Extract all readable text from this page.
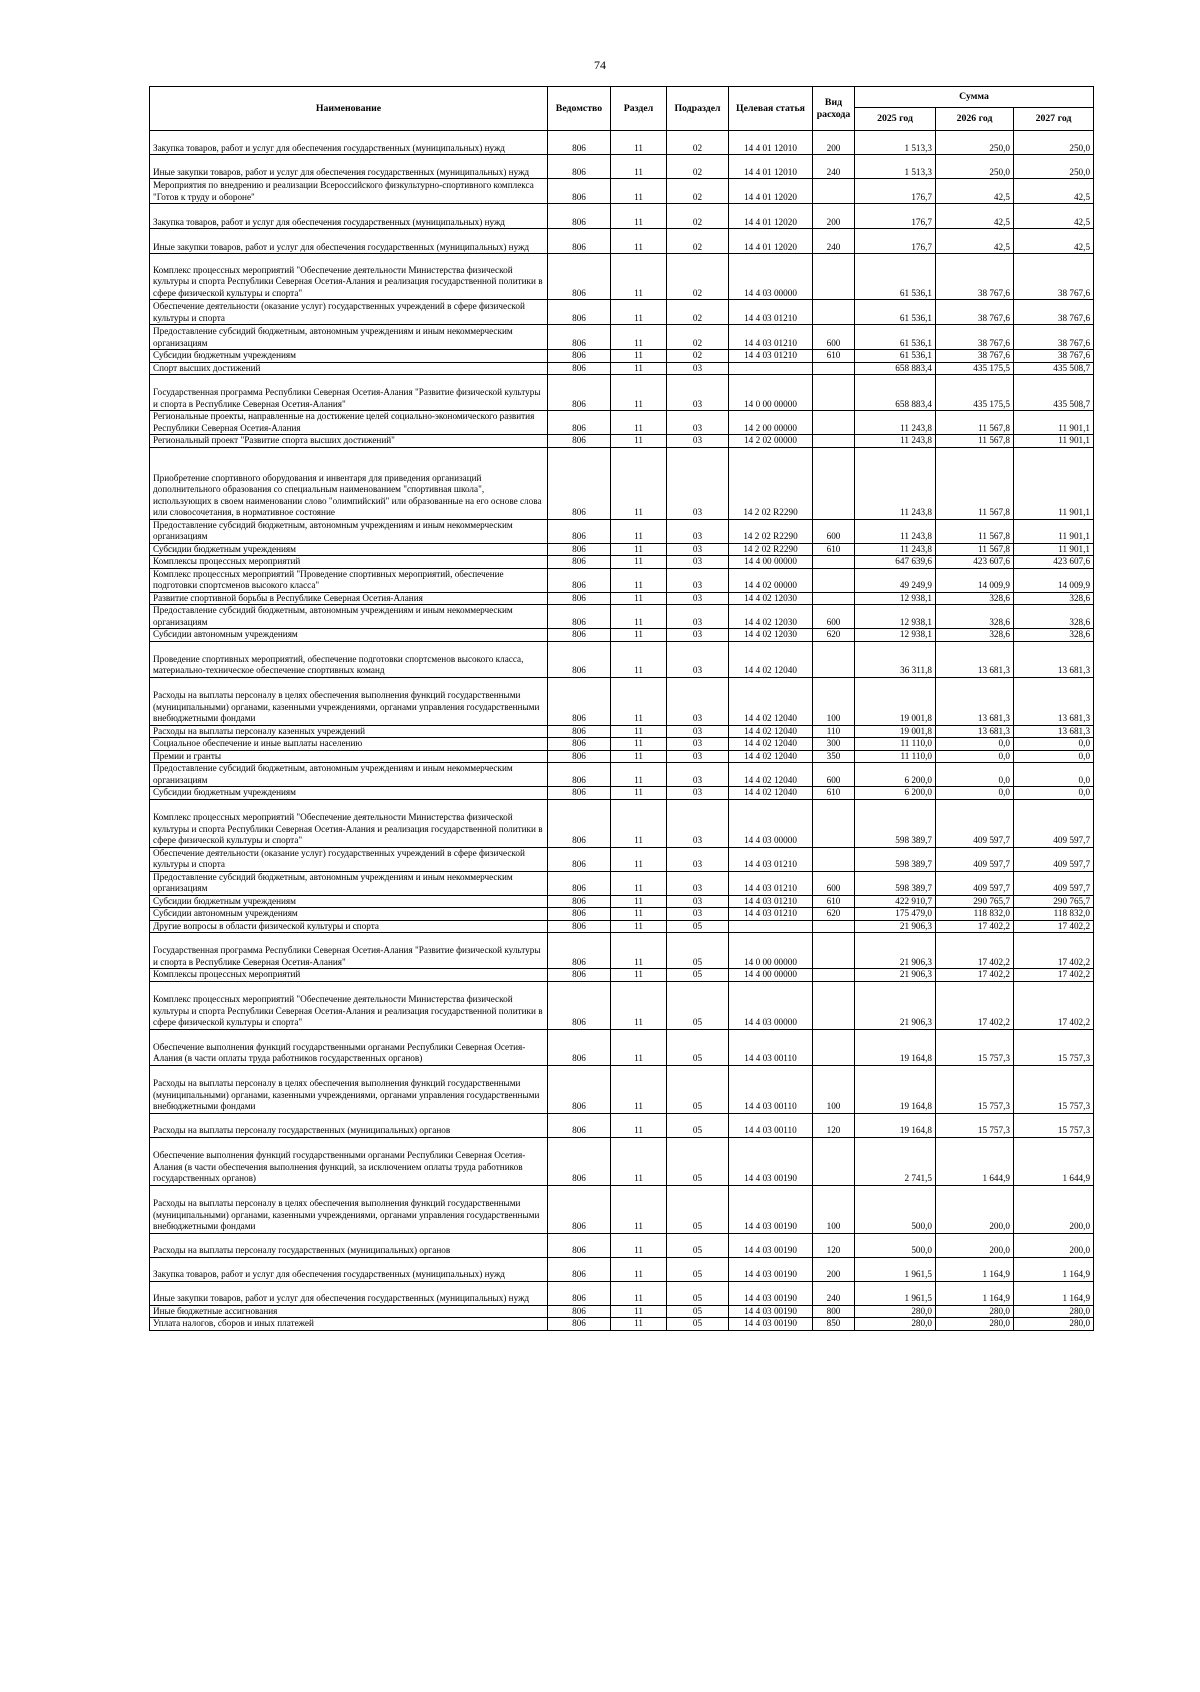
74
Наименование	Ведомство	Раздел	Подраздел	Целевая статья	Вид расхода	Сумма		
						2025 год	2026 год	2027 год
Закупка товаров, работ и услуг для обеспечения государственных (муниципальных) нужд	806	11	02	14 4 01 12010	200	1 513,3	250,0	250,0
Иные закупки товаров, работ и услуг для обеспечения государственных (муниципальных) нужд	806	11	02	14 4 01 12010	240	1 513,3	250,0	250,0
Мероприятия по внедрению и реализации Всероссийского физкультурно-спортивного комплекса "Готов к труду и обороне"	806	11	02	14 4 01 12020		176,7	42,5	42,5
Закупка товаров, работ и услуг для обеспечения государственных (муниципальных) нужд	806	11	02	14 4 01 12020	200	176,7	42,5	42,5
Иные закупки товаров, работ и услуг для обеспечения государственных (муниципальных) нужд	806	11	02	14 4 01 12020	240	176,7	42,5	42,5
Комплекс процессных мероприятий "Обеспечение деятельности Министерства физической культуры и спорта Республики Северная Осетия-Алания и реализация государственной политики в сфере физической культуры и спорта"	806	11	02	14 4 03 00000		61 536,1	38 767,6	38 767,6
Обеспечение деятельности (оказание услуг) государственных учреждений в сфере физической культуры и спорта	806	11	02	14 4 03 01210		61 536,1	38 767,6	38 767,6
Предоставление субсидий бюджетным, автономным учреждениям и иным некоммерческим организациям	806	11	02	14 4 03 01210	600	61 536,1	38 767,6	38 767,6
Субсидии бюджетным учреждениям	806	11	02	14 4 03 01210	610	61 536,1	38 767,6	38 767,6
Спорт высших достижений	806	11	03			658 883,4	435 175,5	435 508,7
Государственная программа Республики Северная Осетия-Алания "Развитие физической культуры и спорта в Республике Северная Осетия-Алания"	806	11	03	14 0 00 00000		658 883,4	435 175,5	435 508,7
Региональные проекты, направленные на достижение целей социально-экономического развития Республики Северная Осетия-Алания	806	11	03	14 2 00 00000		11 243,8	11 567,8	11 901,1
Региональный проект "Развитие спорта высших достижений"	806	11	03	14 2 02 00000		11 243,8	11 567,8	11 901,1
Приобретение спортивного оборудования и инвентаря для приведения организаций дополнительного образования со специальным наименованием "спортивная школа", использующих в своем наименовании слово "олимпийский" или образованные на его основе слова или словосочетания, в нормативное состояние	806	11	03	14 2 02 R2290		11 243,8	11 567,8	11 901,1
Предоставление субсидий бюджетным, автономным учреждениям и иным некоммерческим организациям	806	11	03	14 2 02 R2290	600	11 243,8	11 567,8	11 901,1
Субсидии бюджетным учреждениям	806	11	03	14 2 02 R2290	610	11 243,8	11 567,8	11 901,1
Комплексы процессных мероприятий	806	11	03	14 4 00 00000		647 639,6	423 607,6	423 607,6
Комплекс процессных мероприятий "Проведение спортивных мероприятий, обеспечение подготовки спортсменов высокого класса"	806	11	03	14 4 02 00000		49 249,9	14 009,9	14 009,9
Развитие спортивной борьбы в Республике Северная Осетия-Алания	806	11	03	14 4 02 12030		12 938,1	328,6	328,6
Предоставление субсидий бюджетным, автономным учреждениям и иным некоммерческим организациям	806	11	03	14 4 02 12030	600	12 938,1	328,6	328,6
Субсидии автономным учреждениям	806	11	03	14 4 02 12030	620	12 938,1	328,6	328,6
Проведение спортивных мероприятий, обеспечение подготовки спортсменов высокого класса, материально-техническое обеспечение спортивных команд	806	11	03	14 4 02 12040		36 311,8	13 681,3	13 681,3
Расходы на выплаты персоналу в целях обеспечения выполнения функций государственными (муниципальными) органами, казенными учреждениями, органами управления государственными внебюджетными фондами	806	11	03	14 4 02 12040	100	19 001,8	13 681,3	13 681,3
Расходы на выплаты персоналу казенных учреждений	806	11	03	14 4 02 12040	110	19 001,8	13 681,3	13 681,3
Социальное обеспечение и иные выплаты населению	806	11	03	14 4 02 12040	300	11 110,0	0,0	0,0
Премии и гранты	806	11	03	14 4 02 12040	350	11 110,0	0,0	0,0
Предоставление субсидий бюджетным, автономным учреждениям и иным некоммерческим организациям	806	11	03	14 4 02 12040	600	6 200,0	0,0	0,0
Субсидии бюджетным учреждениям	806	11	03	14 4 02 12040	610	6 200,0	0,0	0,0
Комплекс процессных мероприятий "Обеспечение деятельности Министерства физической культуры и спорта Республики Северная Осетия-Алания и реализация государственной политики в сфере физической культуры и спорта"	806	11	03	14 4 03 00000		598 389,7	409 597,7	409 597,7
Обеспечение деятельности (оказание услуг) государственных учреждений в сфере физической культуры и спорта	806	11	03	14 4 03 01210		598 389,7	409 597,7	409 597,7
Предоставление субсидий бюджетным, автономным учреждениям и иным некоммерческим организациям	806	11	03	14 4 03 01210	600	598 389,7	409 597,7	409 597,7
Субсидии бюджетным учреждениям	806	11	03	14 4 03 01210	610	422 910,7	290 765,7	290 765,7
Субсидии автономным учреждениям	806	11	03	14 4 03 01210	620	175 479,0	118 832,0	118 832,0
Другие вопросы в области физической культуры и спорта	806	11	05			21 906,3	17 402,2	17 402,2
Государственная программа Республики Северная Осетия-Алания "Развитие физической культуры и спорта в Республике Северная Осетия-Алания"	806	11	05	14 0 00 00000		21 906,3	17 402,2	17 402,2
Комплексы процессных мероприятий	806	11	05	14 4 00 00000		21 906,3	17 402,2	17 402,2
Комплекс процессных мероприятий "Обеспечение деятельности Министерства физической культуры и спорта Республики Северная Осетия-Алания и реализация государственной политики в сфере физической культуры и спорта"	806	11	05	14 4 03 00000		21 906,3	17 402,2	17 402,2
Обеспечение выполнения функций государственными органами Республики Северная Осетия-Алания (в части оплаты труда работников государственных органов)	806	11	05	14 4 03 00110		19 164,8	15 757,3	15 757,3
Расходы на выплаты персоналу в целях обеспечения выполнения функций государственными (муниципальными) органами, казенными учреждениями, органами управления государственными внебюджетными фондами	806	11	05	14 4 03 00110	100	19 164,8	15 757,3	15 757,3
Расходы на выплаты персоналу государственных (муниципальных) органов	806	11	05	14 4 03 00110	120	19 164,8	15 757,3	15 757,3
Обеспечение выполнения функций государственными органами Республики Северная Осетия-Алания (в части обеспечения выполнения функций, за исключением оплаты труда работников государственных органов)	806	11	05	14 4 03 00190		2 741,5	1 644,9	1 644,9
Расходы на выплаты персоналу в целях обеспечения выполнения функций государственными (муниципальными) органами, казенными учреждениями, органами управления государственными внебюджетными фондами	806	11	05	14 4 03 00190	100	500,0	200,0	200,0
Расходы на выплаты персоналу государственных (муниципальных) органов	806	11	05	14 4 03 00190	120	500,0	200,0	200,0
Закупка товаров, работ и услуг для обеспечения государственных (муниципальных) нужд	806	11	05	14 4 03 00190	200	1 961,5	1 164,9	1 164,9
Иные закупки товаров, работ и услуг для обеспечения государственных (муниципальных) нужд	806	11	05	14 4 03 00190	240	1 961,5	1 164,9	1 164,9
Иные бюджетные ассигнования	806	11	05	14 4 03 00190	800	280,0	280,0	280,0
Уплата налогов, сборов и иных платежей	806	11	05	14 4 03 00190	850	280,0	280,0	280,0
